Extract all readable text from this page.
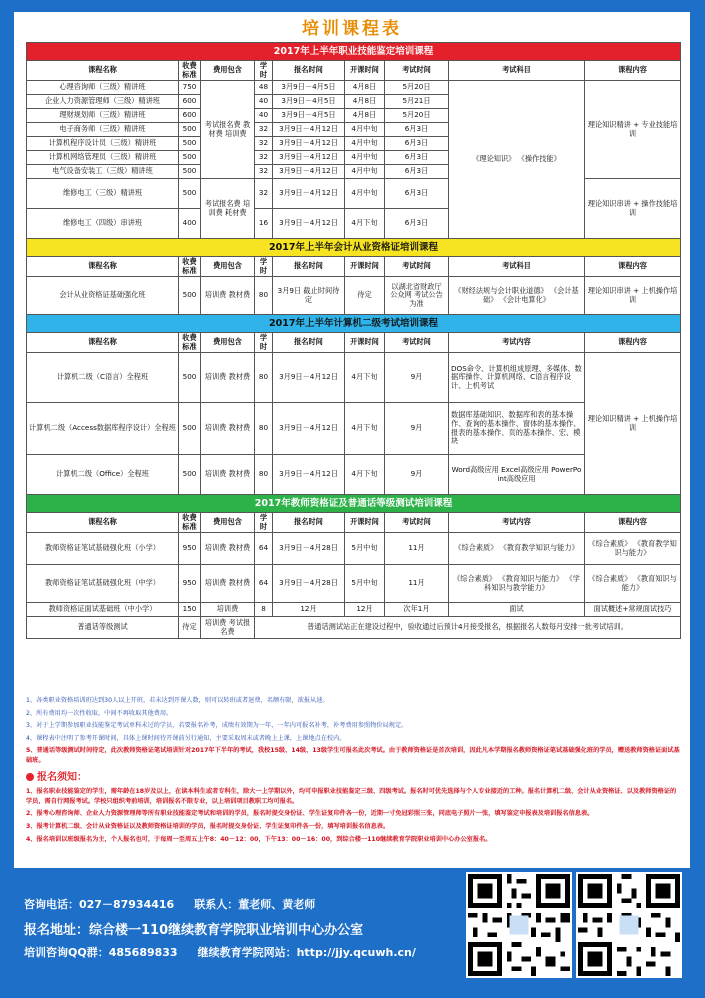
培训课程表
2017年上半年职业技能鉴定培训课程								
课程名称	收费标准	费用包含	学时	报名时间	开课时间	考试时间	考试科目	课程内容
心理咨询师（三级）精讲班	750	考试报名费 教材费 培训费	48	3月9日－4月5日	4月8日	5月20日	《理论知识》 《操作技能》	理论知识精讲 + 专业技能培训
企业人力资源管理师（三级）精讲班	600		40	3月9日－4月5日	4月8日	5月21日		
理财规划师（三级）精讲班	600		40	3月9日－4月5日	4月8日	5月20日		
电子商务师（三级）精讲班	500		32	3月9日－4月12日	4月中旬	6月3日		
计算机程序设计员（三级）精讲班	500		32	3月9日－4月12日	4月中旬	6月3日		
计算机网络管理员（三级）精讲班	500		32	3月9日－4月12日	4月中旬	6月3日		
电气设备安装工（三级）精讲班	500		32	3月9日－4月12日	4月中旬	6月3日		
维修电工（三级）精讲班	500	考试报名费 培训费 耗材费	32	3月9日－4月12日	4月中旬	6月3日		理论知识串讲 + 操作技能培训
维修电工（四级）串讲班	400		16	3月9日－4月12日	4月下旬	6月3日		
2017年上半年会计从业资格证培训课程								
课程名称	收费标准	费用包含	学时	报名时间	开课时间	考试时间	考试科目	课程内容
会计从业资格证基础强化班	500	培训费 教材费	80	3月9日 截止时间待定	待定	以湖北省财政厅 公众网 考试公告为准	《财经法规与会计职业道德》 《会计基础》 《会计电算化》	理论知识串讲 + 上机操作培训
2017年上半年计算机二级考试培训课程								
课程名称	收费标准	费用包含	学时	报名时间	开课时间	考试时间	考试内容	课程内容
计算机二级（C语言）全程班	500	培训费 教材费	80	3月9日－4月12日	4月下旬	9月	DOS命令、计算机组成原理、多媒体、数据库操作、计算机网络、C语言程序设计、上机考试	理论知识精讲 + 上机操作培训
计算机二级（Access数据库程序设计）全程班	500	培训费 教材费	80	3月9日－4月12日	4月下旬	9月	数据库基础知识、数据库和表的基本操作、查询的基本操作、窗体的基本操作、报表的基本操作、页的基本操作、宏、模块	
计算机二级（Office）全程班	500	培训费 教材费	80	3月9日－4月12日	4月下旬	9月	Word高级应用 Excel高级应用 PowerPoint高级应用	
2017年教师资格证及普通话等级测试培训课程								
课程名称	收费标准	费用包含	学时	报名时间	开课时间	考试时间	考试内容	课程内容
教师资格证笔试基础强化班（小学）	950	培训费 教材费	64	3月9日－4月28日	5月中旬	11月	《综合素质》 《教育教学知识与能力》	《综合素质》 《教育教学知识与能力》
教师资格证笔试基础强化班（中学）	950	培训费 教材费	64	3月9日－4月28日	5月中旬	11月	《综合素质》 《教育知识与能力》 《学科知识与教学能力》	《综合素质》 《教育知识与能力》
教师资格证面试基础班（中小学）	150	培训费	8	12月	12月	次年1月	面试	面试概述+常规面试技巧
普通话等级测试	待定	培训费 考试报名费	普通话测试站正在建设过程中，验收通过后预计4月接受报名，根据报名人数每月安排一批考试培训。					

1、各类职业资格培训班达到30人以上开班，若未达到开课人数，则可以转班或者退费，名额有限，欲报从速。

2、所有费用均一次性收取，中间不再收取其他费用。

3、对于上学期参加职业技能鉴定考试单科未过的学员，若要报名补考，成绩有效期为一年，一年内可报名补考，补考费用参照物价局规定。

4、课程表中注明了参考开课时间，具体上课时间待开课前另行通知，主要采取周末或者晚上上课，上课地点在校内。

5、普通话等级测试时间待定，此次教师资格证笔试培训针对2017年下半年的考试，我校15级、14级、13级学生可报名此次考试。由于教师资格证是首次培训，因此凡本学期报名教师资格证笔试基础强化班的学员，赠送教师资格证面试基础班。

报名须知：

1、报名职业技能鉴定的学生，需年龄在18岁及以上，在读本科生或者专科生，除大一上学期以外，均可申报职业技能鉴定三级、四级考试。报名时可优先选择与个人专业接近的工种。报名计算机二级、会计从业资格证、以及教师资格证的学员，需自行网报考试。学校只组织考前培训，培训报名不限专业，以上培训项目教职工均可报名。

2、报考心理咨询师、企业人力资源管理师等所有职业技能鉴定考试和培训的学员，报名时提交身份证、学生证复印件各一份，近期一寸免冠彩照三张，同底电子照片一张，填写鉴定申报表及培训报名信息表。

3、报考计算机二级、会计从业资格证以及教师资格证培训的学员，报名时提交身份证、学生证复印件各一份，填写培训报名信息表。

4、报名培训以班级报名为主，个人报名也可，于每周一至周五上午8：40－12：00，下午13：00－16：00，到综合楼一110继续教育学院职业培训中心办公室报名。

咨询电话：027－87934416 联系人：董老师、黄老师
报名地址：综合楼一110继续教育学院职业培训中心办公室
培训咨询QQ群：485689833 继续教育学院网站：http://jjy.qcuwh.cn/
